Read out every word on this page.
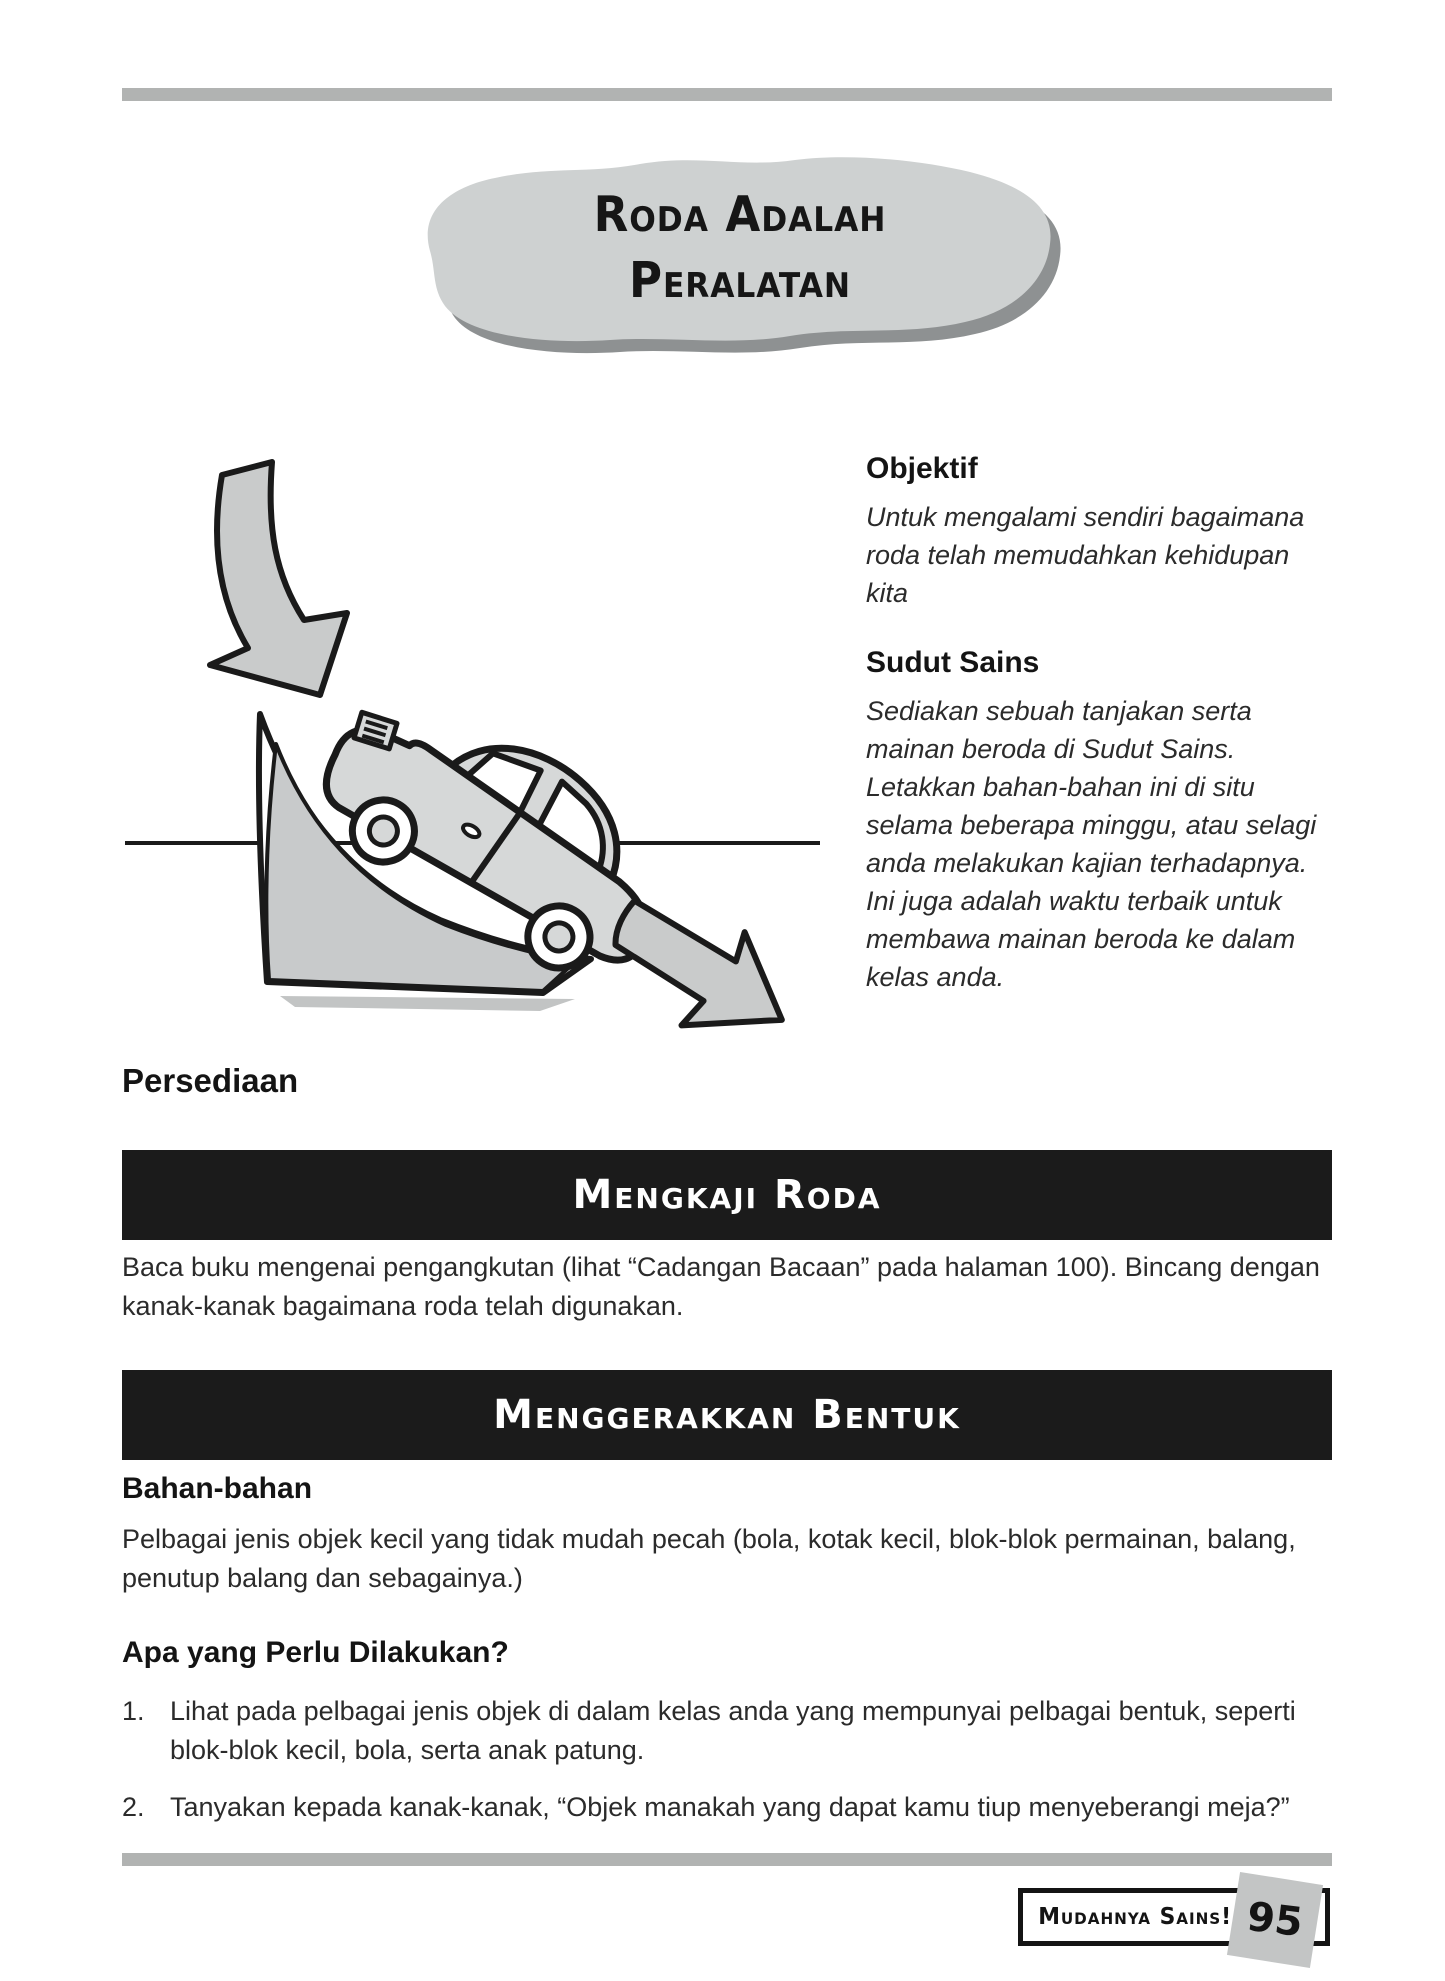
Roda Adalah
Peralatan
Objektif

Untuk mengalami sendiri bagaimana roda telah memudahkan kehidupan kita

Sudut Sains

Sediakan sebuah tanjakan serta mainan beroda di Sudut Sains. Letakkan bahan-bahan ini di situ selama beberapa minggu, atau selagi anda melakukan kajian terhadapnya. Ini juga adalah waktu terbaik untuk membawa mainan beroda ke dalam kelas anda.

Persediaan
Mengkaji Roda

Baca buku mengenai pengangkutan (lihat “Cadangan Bacaan” pada halaman 100). Bincang dengan kanak-kanak bagaimana roda telah digunakan.

Menggerakkan Bentuk
Bahan-bahan

Pelbagai jenis objek kecil yang tidak mudah pecah (bola, kotak kecil, blok-blok permainan, balang, penutup balang dan sebagainya.)

Apa yang Perlu Dilakukan?
1. Lihat pada pelbagai jenis objek di dalam kelas anda yang mempunyai pelbagai bentuk, seperti blok-blok kecil, bola, serta anak patung.
2. Tanyakan kepada kanak-kanak, “Objek manakah yang dapat kamu tiup menyeberangi meja?”
Mudahnya Sains! 95
